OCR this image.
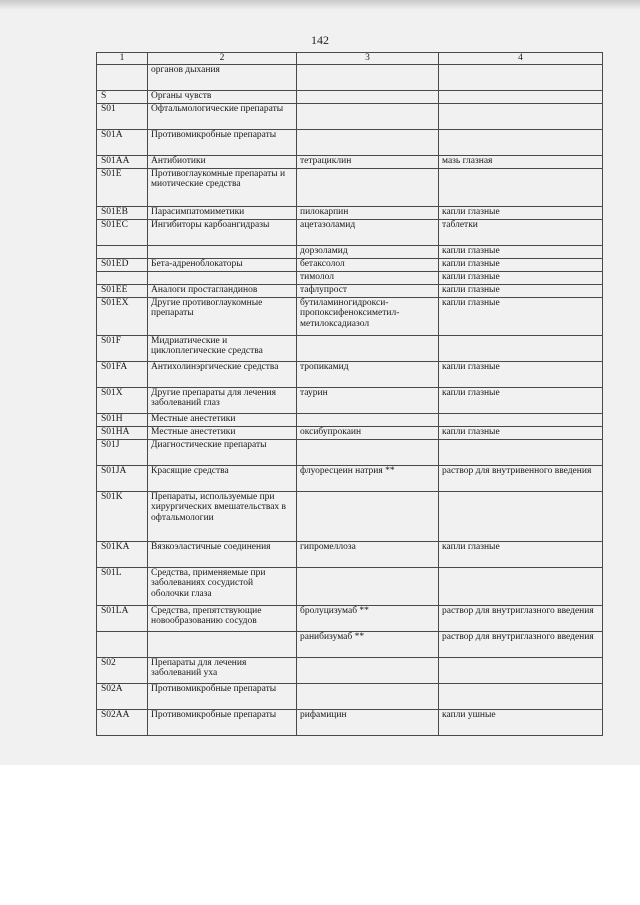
142
1	2	3	4
	органов дыхания		
S	Органы чувств		
S01	Офтальмологические препараты		
S01A	Противомикробные препараты		
S01AA	Антибиотики	тетрациклин	мазь глазная
S01E	Противоглаукомные препараты и миотические средства		
S01EB	Парасимпатомиметики	пилокарпин	капли глазные
S01EC	Ингибиторы карбоангидразы	ацетазоламид	таблетки
		дорзоламид	капли глазные
S01ED	Бета-адреноблокаторы	бетаксолол	капли глазные
		тимолол	капли глазные
S01EE	Аналоги простагландинов	тафлупрост	капли глазные
S01EX	Другие противоглаукомные препараты	бутиламиногидрокси-пропоксифеноксиметил-метилоксадиазол	капли глазные
S01F	Мидриатические и циклоплегические средства		
S01FA	Антихолинэргические средства	тропикамид	капли глазные
S01X	Другие препараты для лечения заболеваний глаз	таурин	капли глазные
S01H	Местные анестетики		
S01HA	Местные анестетики	оксибупрокаин	капли глазные
S01J	Диагностические препараты		
S01JA	Красящие средства	флуоресцеин натрия **	раствор для внутривенного введения
S01K	Препараты, используемые при хирургических вмешательствах в офтальмологии		
S01KA	Вязкоэластичные соединения	гипромеллоза	капли глазные
S01L	Средства, применяемые при заболеваниях сосудистой оболочки глаза		
S01LA	Средства, препятствующие новообразованию сосудов	бролуцизумаб **	раствор для внутриглазного введения
		ранибизумаб **	раствор для внутриглазного введения
S02	Препараты для лечения заболеваний уха		
S02A	Противомикробные препараты		
S02AA	Противомикробные препараты	рифамицин	капли ушные
